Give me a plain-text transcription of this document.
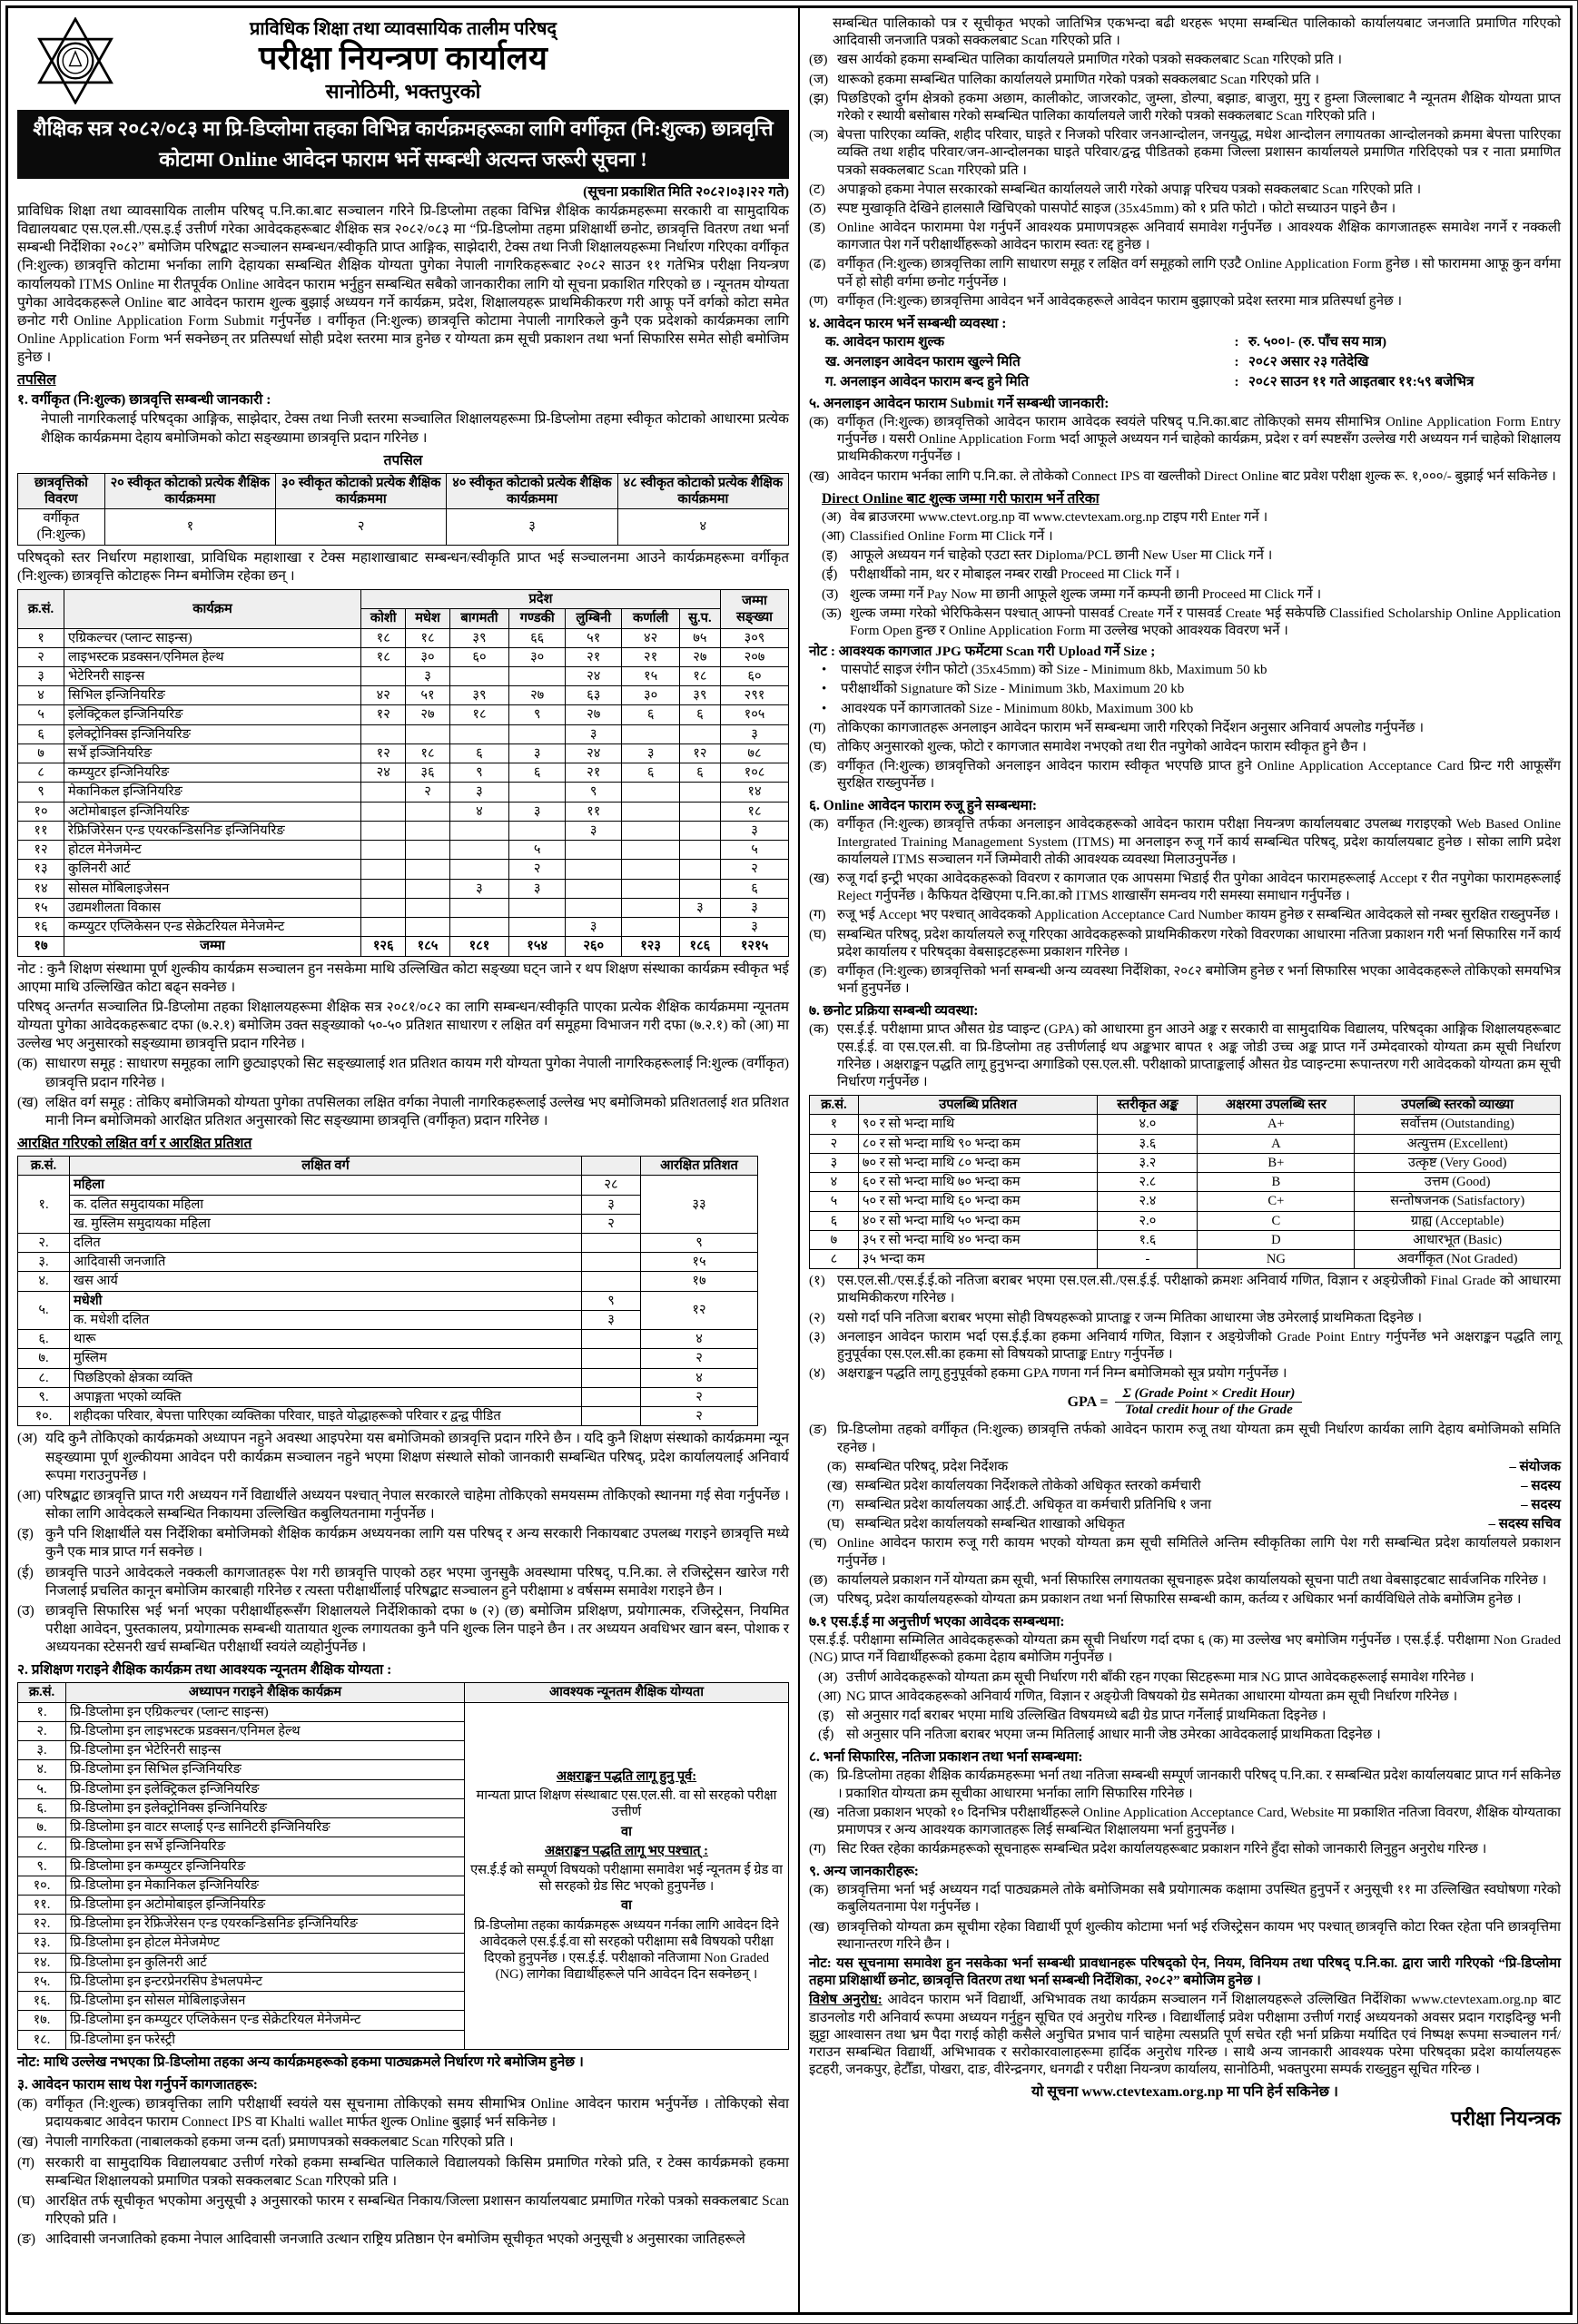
प्राविधिक शिक्षा तथा व्यावसायिक तालीम परिषद्
परीक्षा नियन्त्रण कार्यालय
सानोठिमी, भक्तपुरको
शैक्षिक सत्र २०८२/०८३ मा प्रि-डिप्लोमा तहका विभिन्न कार्यक्रमहरूका लागि वर्गीकृत (नि:शुल्क) छात्रवृत्ति
कोटामा Online आवेदन फाराम भर्ने सम्बन्धी अत्यन्त जरूरी सूचना !
(सूचना प्रकाशित मिति २०८२।०३।२२ गते)

प्राविधिक शिक्षा तथा व्यावसायिक तालीम परिषद् प.नि.का.बाट सञ्चालन गरिने प्रि-डिप्लोमा तहका विभिन्न शैक्षिक कार्यक्रमहरूमा सरकारी वा सामुदायिक विद्यालयबाट एस.एल.सी./एस.इ.ई उत्तीर्ण गरेका आवेदकहरूबाट शैक्षिक सत्र २०८२/०८३ मा “प्रि-डिप्लोमा तहमा प्रशिक्षार्थी छनोट, छात्रवृत्ति वितरण तथा भर्ना सम्बन्धी निर्देशिका २०८२” बमोजिम परिषद्बाट सञ्चालन सम्बन्धन/स्वीकृति प्राप्त आङ्गिक, साझेदारी, टेक्स तथा निजी शिक्षालयहरूमा निर्धारण गरिएका वर्गीकृत (नि:शुल्क) छात्रवृत्ति कोटामा भर्नाका लागि देहायका सम्बन्धित शैक्षिक योग्यता पुगेका नेपाली नागरिकहरूबाट २०८२ साउन ११ गतेभित्र परीक्षा नियन्त्रण कार्यालयको ITMS Online मा रीतपूर्वक Online आवेदन फाराम भर्नुहुन सम्बन्धित सबैको जानकारीका लागि यो सूचना प्रकाशित गरिएको छ । न्यूनतम योग्यता पुगेका आवेदकहरूले Online बाट आवेदन फाराम शुल्क बुझाई अध्ययन गर्ने कार्यक्रम, प्रदेश, शिक्षालयहरू प्राथमिकीकरण गरी आफू पर्ने वर्गको कोटा समेत छनोट गरी Online Application Form Submit गर्नुपर्नेछ । वर्गीकृत (नि:शुल्क) छात्रवृत्ति कोटामा नेपाली नागरिकले कुनै एक प्रदेशको कार्यक्रमका लागि Online Application Form भर्न सक्नेछन् तर प्रतिस्पर्धा सोही प्रदेश स्तरमा मात्र हुनेछ र योग्यता क्रम सूची प्रकाशन तथा भर्ना सिफारिस समेत सोही बमोजिम हुनेछ ।

तपसिल
१. वर्गीकृत (नि:शुल्क) छात्रवृत्ति सम्बन्धी जानकारी :

नेपाली नागरिकलाई परिषद्का आङ्गिक, साझेदार, टेक्स तथा निजी स्तरमा सञ्चालित शिक्षालयहरूमा प्रि-डिप्लोमा तहमा स्वीकृत कोटाको आधारमा प्रत्येक शैक्षिक कार्यक्रममा देहाय बमोजिमको कोटा सङ्ख्यामा छात्रवृत्ति प्रदान गरिनेछ ।

तपसिल
छात्रवृत्तिको विवरण	२० स्वीकृत कोटाको प्रत्येक शैक्षिक कार्यक्रममा	३० स्वीकृत कोटाको प्रत्येक शैक्षिक कार्यक्रममा	४० स्वीकृत कोटाको प्रत्येक शैक्षिक कार्यक्रममा	४८ स्वीकृत कोटाको प्रत्येक शैक्षिक कार्यक्रममा
वर्गीकृत (नि:शुल्क)	१	२	३	४

परिषद्को स्तर निर्धारण महाशाखा, प्राविधिक महाशाखा र टेक्स महाशाखाबाट सम्बन्धन/स्वीकृति प्राप्त भई सञ्चालनमा आउने कार्यक्रमहरूमा वर्गीकृत (नि:शुल्क) छात्रवृत्ति कोटाहरू निम्न बमोजिम रहेका छन् ।

क्र.सं.	कार्यक्रम	प्रदेश							जम्मा सङ्ख्या
		कोशी	मधेश	बागमती	गण्डकी	लुम्बिनी	कर्णाली	सु.प.	
१	एग्रिकल्चर (प्लान्ट साइन्स)	१८	१८	३९	६६	५१	४२	७५	३०९
२	लाइभस्टक प्रडक्सन/एनिमल हेल्थ	१८	३०	६०	३०	२१	२१	२७	२०७
३	भेटेरिनरी साइन्स		३			२४	१५	१८	६०
४	सिभिल इन्जिनियरिङ	४२	५१	३९	२७	६३	३०	३९	२९१
५	इलेक्ट्रिकल इन्जिनियरिङ	१२	२७	१८	९	२७	६	६	१०५
६	इलेक्ट्रोनिक्स इन्जिनियरिङ					३			३
७	सर्भे इञ्जिनियरिङ	१२	१८	६	३	२४	३	१२	७८
८	कम्प्युटर इन्जिनियरिङ	२४	३६	९	६	२१	६	६	१०८
९	मेकानिकल इन्जिनियरिङ		२	३		९			१४
१०	अटोमोबाइल इन्जिनियरिङ			४	३	११			१८
११	रेफ्रिजिरेसन एन्ड एयरकन्डिसनिङ इन्जिनियरिङ					३			३
१२	होटल मेनेजमेन्ट				५				५
१३	कुलिनरी आर्ट				२				२
१४	सोसल मोबिलाइजेसन			३	३				६
१५	उद्यमशीलता विकास							३	३
१६	कम्प्युटर एप्लिकेसन एन्ड सेक्रेटरियल मेनेजमेन्ट					३			३
१७	जम्मा	१२६	१८५	१८१	१५४	२६०	१२३	१८६	१२१५

नोट : कुनै शिक्षण संस्थामा पूर्ण शुल्कीय कार्यक्रम सञ्चालन हुन नसकेमा माथि उल्लिखित कोटा सङ्ख्या घट्न जाने र थप शिक्षण संस्थाका कार्यक्रम स्वीकृत भई आएमा माथि उल्लिखित कोटा बढ्न सक्नेछ ।

परिषद् अन्तर्गत सञ्चालित प्रि-डिप्लोमा तहका शिक्षालयहरूमा शैक्षिक सत्र २०८१/०८२ का लागि सम्बन्धन/स्वीकृति पाएका प्रत्येक शैक्षिक कार्यक्रममा न्यूनतम योग्यता पुगेका आवेदकहरूबाट दफा (७.२.१) बमोजिम उक्त सङ्ख्याको ५०-५० प्रतिशत साधारण र लक्षित वर्ग समूहमा विभाजन गरी दफा (७.२.१) को (आ) मा उल्लेख भए अनुसारको सङ्ख्यामा छात्रवृत्ति प्रदान गरिनेछ ।

(क) साधारण समूह : साधारण समूहका लागि छुट्याइएको सिट सङ्ख्यालाई शत प्रतिशत कायम गरी योग्यता पुगेका नेपाली नागरिकहरूलाई नि:शुल्क (वर्गीकृत) छात्रवृत्ति प्रदान गरिनेछ ।
(ख) लक्षित वर्ग समूह : तोकिए बमोजिमको योग्यता पुगेका तपसिलका लक्षित वर्गका नेपाली नागरिकहरूलाई उल्लेख भए बमोजिमको प्रतिशतलाई शत प्रतिशत मानी निम्न बमोजिमको आरक्षित प्रतिशत अनुसारको सिट सङ्ख्यामा छात्रवृत्ति (वर्गीकृत) प्रदान गरिनेछ ।
आरक्षित गरिएको लक्षित वर्ग र आरक्षित प्रतिशत
क्र.सं.	लक्षित वर्ग		आरक्षित प्रतिशत
१.	महिला	२८	३३
	क. दलित समुदायका महिला	३	
	ख. मुस्लिम समुदायका महिला	२	
२.	दलित		९
३.	आदिवासी जनजाति		१५
४.	खस आर्य		१७
५.	मधेशी	९	१२
	क. मधेशी दलित	३	
६.	थारू		४
७.	मुस्लिम		२
८.	पिछडिएको क्षेत्रका व्यक्ति		४
९.	अपाङ्गता भएको व्यक्ति		२
१०.	शहीदका परिवार, बेपत्ता पारिएका व्यक्तिका परिवार, घाइते योद्धाहरूको परिवार र द्वन्द्व पीडित		२
(अ) यदि कुनै तोकिएको कार्यक्रमको अध्यापन नहुने अवस्था आइपरेमा यस बमोजिमको छात्रवृत्ति प्रदान गरिने छैन । यदि कुनै शिक्षण संस्थाको कार्यक्रममा न्यून सङ्ख्यामा पूर्ण शुल्कीयमा आवेदन परी कार्यक्रम सञ्चालन नहुने भएमा शिक्षण संस्थाले सोको जानकारी सम्बन्धित परिषद्, प्रदेश कार्यालयलाई अनिवार्य रूपमा गराउनुपर्नेछ ।
(आ) परिषद्बाट छात्रवृत्ति प्राप्त गरी अध्ययन गर्ने विद्यार्थीले अध्ययन पश्चात् नेपाल सरकारले चाहेमा तोकिएको समयसम्म तोकिएको स्थानमा गई सेवा गर्नुपर्नेछ । सोका लागि आवेदकले सम्बन्धित निकायमा उल्लिखित कबुलियतनामा गर्नुपर्नेछ ।
(इ) कुनै पनि शिक्षार्थीले यस निर्देशिका बमोजिमको शैक्षिक कार्यक्रम अध्ययनका लागि यस परिषद् र अन्य सरकारी निकायबाट उपलब्ध गराइने छात्रवृत्ति मध्ये कुनै एक मात्र प्राप्त गर्न सक्नेछ ।
(ई) छात्रवृत्ति पाउने आवेदकले नक्कली कागजातहरू पेश गरी छात्रवृत्ति पाएको ठहर भएमा जुनसुकै अवस्थामा परिषद्, प.नि.का. ले रजिस्ट्रेसन खारेज गरी निजलाई प्रचलित कानून बमोजिम कारबाही गरिनेछ र त्यस्ता परीक्षार्थीलाई परिषद्बाट सञ्चालन हुने परीक्षामा ४ वर्षसम्म समावेश गराइने छैन ।
(उ) छात्रवृत्ति सिफारिस भई भर्ना भएका परीक्षार्थीहरूसँग शिक्षालयले निर्देशिकाको दफा ७ (२) (छ) बमोजिम प्रशिक्षण, प्रयोगात्मक, रजिस्ट्रेसन, नियमित परीक्षा आवेदन, पुस्तकालय, प्रयोगात्मक सम्बन्धी यातायात शुल्क लगायतका कुनै पनि शुल्क लिन पाइने छैन । तर अध्ययन अवधिभर खान बस्न, पोशाक र अध्ययनका स्टेसनरी खर्च सम्बन्धित परीक्षार्थी स्वयंले व्यहोर्नुपर्नेछ ।
२. प्रशिक्षण गराइने शैक्षिक कार्यक्रम तथा आवश्यक न्यूनतम शैक्षिक योग्यता :
क्र.सं.	अध्यापन गराइने शैक्षिक कार्यक्रम	आवश्यक न्यूनतम शैक्षिक योग्यता
१.	प्रि-डिप्लोमा इन एग्रिकल्चर (प्लान्ट साइन्स)	
अक्षराङ्कन पद्धति लागू हुनु पूर्व:
मान्यता प्राप्त शिक्षण संस्थाबाट एस.एल.सी. वा सो सरहको परीक्षा उत्तीर्ण
वा
अक्षराङ्कन पद्धति लागू भए पश्चात् :
एस.ई.ई को सम्पूर्ण विषयको परीक्षामा समावेश भई न्यूनतम ई ग्रेड वा सो सरहको ग्रेड सिट भएको हुनुपर्नेछ ।
वा
प्रि-डिप्लोमा तहका कार्यक्रमहरू अध्ययन गर्नका लागि आवेदन दिने आवेदकले एस.ई.ई.वा सो सरहको परीक्षामा सबै विषयको परीक्षा दिएको हुनुपर्नेछ । एस.ई.ई. परीक्षाको नतिजामा Non Graded (NG) लागेका विद्यार्थीहरूले पनि आवेदन दिन सक्नेछन् ।

२.	प्रि-डिप्लोमा इन लाइभस्टक प्रडक्सन/एनिमल हेल्थ	
३.	प्रि-डिप्लोमा इन भेटेरिनरी साइन्स	
४.	प्रि-डिप्लोमा इन सिभिल इन्जिनियरिङ	
५.	प्रि-डिप्लोमा इन इलेक्ट्रिकल इन्जिनियरिङ	
६.	प्रि-डिप्लोमा इन इलेक्ट्रोनिक्स इन्जिनियरिङ	
७.	प्रि-डिप्लोमा इन वाटर सप्लाई एन्ड सानिटरी इन्जिनियरिङ	
८.	प्रि-डिप्लोमा इन सर्भे इन्जिनियरिङ	
९.	प्रि-डिप्लोमा इन कम्प्युटर इन्जिनियरिङ	
१०.	प्रि-डिप्लोमा इन मेकानिकल इन्जिनियरिङ	
११.	प्रि-डिप्लोमा इन अटोमोबाइल इन्जिनियरिङ	
१२.	प्रि-डिप्लोमा इन रेफ्रिजेरेसन एन्ड एयरकन्डिसनिङ इन्जिनियरिङ	
१३.	प्रि-डिप्लोमा इन होटल मेनेजमेण्ट	
१४.	प्रि-डिप्लोमा इन कुलिनरी आर्ट	
१५.	प्रि-डिप्लोमा इन इन्टरप्रेनरसिप डेभलपमेन्ट	
१६.	प्रि-डिप्लोमा इन सोसल मोबिलाइजेसन	
१७.	प्रि-डिप्लोमा इन कम्प्युटर एप्लिकेसन एन्ड सेक्रेटरियल मेनेजमेन्ट	
१८.	प्रि-डिप्लोमा इन फरेस्ट्री	

नोट: माथि उल्लेख नभएका प्रि-डिप्लोमा तहका अन्य कार्यक्रमहरूको हकमा पाठ्यक्रमले निर्धारण गरे बमोजिम हुनेछ ।

३. आवेदन फाराम साथ पेश गर्नुपर्ने कागजातहरू:
(क) वर्गीकृत (नि:शुल्क) छात्रवृत्तिका लागि परीक्षार्थी स्वयंले यस सूचनामा तोकिएको समय सीमाभित्र Online आवेदन फाराम भर्नुपर्नेछ । तोकिएको सेवा प्रदायकबाट आवेदन फाराम Connect IPS वा Khalti wallet मार्फत शुल्क Online बुझाई भर्न सकिनेछ ।
(ख) नेपाली नागरिकता (नाबालकको हकमा जन्म दर्ता) प्रमाणपत्रको सक्कलबाट Scan गरिएको प्रति ।
(ग) सरकारी वा सामुदायिक विद्यालयबाट उत्तीर्ण गरेको हकमा सम्बन्धित पालिकाले विद्यालयको किसिम प्रमाणित गरेको प्रति, र टेक्स कार्यक्रमको हकमा सम्बन्धित शिक्षालयको प्रमाणित पत्रको सक्कलबाट Scan गरिएको प्रति ।
(घ) आरक्षित तर्फ सूचीकृत भएकोमा अनुसूची ३ अनुसारको फारम र सम्बन्धित निकाय/जिल्ला प्रशासन कार्यालयबाट प्रमाणित गरेको पत्रको सक्कलबाट Scan गरिएको प्रति ।
(ङ) आदिवासी जनजातिको हकमा नेपाल आदिवासी जनजाति उत्थान राष्ट्रिय प्रतिष्ठान ऐन बमोजिम सूचीकृत भएको अनुसूची ४ अनुसारका जातिहरूले

सम्बन्धित पालिकाको पत्र र सूचीकृत भएको जातिभित्र एकभन्दा बढी थरहरू भएमा सम्बन्धित पालिकाको कार्यालयबाट जनजाति प्रमाणित गरिएको आदिवासी जनजाति पत्रको सक्कलबाट Scan गरिएको प्रति ।

(छ) खस आर्यको हकमा सम्बन्धित पालिका कार्यालयले प्रमाणित गरेको पत्रको सक्कलबाट Scan गरिएको प्रति ।
(ज) थारूको हकमा सम्बन्धित पालिका कार्यालयले प्रमाणित गरेको पत्रको सक्कलबाट Scan गरिएको प्रति ।
(झ) पिछडिएको दुर्गम क्षेत्रको हकमा अछाम, कालीकोट, जाजरकोट, जुम्ला, डोल्पा, बझाङ, बाजुरा, मुगु र हुम्ला जिल्लाबाट नै न्यूनतम शैक्षिक योग्यता प्राप्त गरेको र स्थायी बसोबास गरेको सम्बन्धित पालिका कार्यालयले जारी गरेको पत्रको सक्कलबाट Scan गरिएको प्रति ।
(ञ) बेपत्ता पारिएका व्यक्ति, शहीद परिवार, घाइते र निजको परिवार जनआन्दोलन, जनयुद्ध, मधेश आन्दोलन लगायतका आन्दोलनको क्रममा बेपत्ता पारिएका व्यक्ति तथा शहीद परिवार/जन-आन्दोलनका घाइते परिवार/द्वन्द्व पीडितको हकमा जिल्ला प्रशासन कार्यालयले प्रमाणित गरिदिएको पत्र र नाता प्रमाणित पत्रको सक्कलबाट Scan गरिएको प्रति ।
(ट) अपाङ्गको हकमा नेपाल सरकारको सम्बन्धित कार्यालयले जारी गरेको अपाङ्ग परिचय पत्रको सक्कलबाट Scan गरिएको प्रति ।
(ठ) स्पष्ट मुखाकृति देखिने हालसालै खिचिएको पासपोर्ट साइज (35x45mm) को १ प्रति फोटो । फोटो सच्याउन पाइने छैन ।
(ड) Online आवेदन फाराममा पेश गर्नुपर्ने आवश्यक प्रमाणपत्रहरू अनिवार्य समावेश गर्नुपर्नेछ । आवश्यक शैक्षिक कागजातहरू समावेश नगर्ने र नक्कली कागजात पेश गर्ने परीक्षार्थीहरूको आवेदन फाराम स्वतः रद्द हुनेछ ।
(ढ) वर्गीकृत (नि:शुल्क) छात्रवृत्तिका लागि साधारण समूह र लक्षित वर्ग समूहको लागि एउटै Online Application Form हुनेछ । सो फाराममा आफू कुन वर्गमा पर्ने हो सोही वर्गमा छनोट गर्नुपर्नेछ ।
(ण) वर्गीकृत (नि:शुल्क) छात्रवृत्तिमा आवेदन भर्ने आवेदकहरूले आवेदन फाराम बुझाएको प्रदेश स्तरमा मात्र प्रतिस्पर्धा हुनेछ ।
४. आवेदन फारम भर्ने सम्बन्धी व्यवस्था :
क. आवेदन फाराम शुल्क	: रु. ५००।- (रु. पाँच सय मात्र)
ख. अनलाइन आवेदन फाराम खुल्ने मिति	: २०८२ असार २३ गतेदेखि
ग. अनलाइन आवेदन फाराम बन्द हुने मिति	: २०८२ साउन ११ गते आइतबार ११:५९ बजेभित्र
५. अनलाइन आवेदन फाराम Submit गर्ने सम्बन्धी जानकारी:
(क) वर्गीकृत (नि:शुल्क) छात्रवृत्तिको आवेदन फाराम आवेदक स्वयंले परिषद् प.नि.का.बाट तोकिएको समय सीमाभित्र Online Application Form Entry गर्नुपर्नेछ । यसरी Online Application Form भर्दा आफूले अध्ययन गर्न चाहेको कार्यक्रम, प्रदेश र वर्ग स्पष्टसँग उल्लेख गरी अध्ययन गर्न चाहेको शिक्षालय प्राथमिकीकरण गर्नुपर्नेछ ।
(ख) आवेदन फाराम भर्नका लागि प.नि.का. ले तोकेको Connect IPS वा खल्तीको Direct Online बाट प्रवेश परीक्षा शुल्क रू. १,०००/- बुझाई भर्न सकिनेछ ।
Direct Online बाट शुल्क जम्मा गरी फाराम भर्ने तरिका
(अ) वेब ब्राउजरमा www.ctevt.org.np वा www.ctevtexam.org.np टाइप गरी Enter गर्ने ।
(आ) Classified Online Form मा Click गर्ने ।
(इ) आफूले अध्ययन गर्न चाहेको एउटा स्तर Diploma/PCL छानी New User मा Click गर्ने ।
(ई) परीक्षार्थीको नाम, थर र मोबाइल नम्बर राखी Proceed मा Click गर्ने ।
(उ) शुल्क जम्मा गर्ने Pay Now मा छानी आफूले शुल्क जम्मा गर्ने कम्पनी छानी Proceed मा Click गर्ने ।
(ऊ) शुल्क जम्मा गरेको भेरिफिकेसन पश्चात् आफ्नो पासवर्ड Create गर्ने र पासवर्ड Create भई सकेपछि Classified Scholarship Online Application Form Open हुन्छ र Online Application Form मा उल्लेख भएको आवश्यक विवरण भर्ने ।
नोट : आवश्यक कागजात JPG फर्मेटमा Scan गरी Upload गर्ने Size ;
•	पासपोर्ट साइज रंगीन फोटो (35x45mm) को Size - Minimum 8kb, Maximum 50 kb
•	परीक्षार्थीको Signature को Size - Minimum 3kb, Maximum 20 kb
•	आवश्यक पर्ने कागजातको Size - Minimum 80kb, Maximum 300 kb
(ग) तोकिएका कागजातहरू अनलाइन आवेदन फाराम भर्ने सम्बन्धमा जारी गरिएको निर्देशन अनुसार अनिवार्य अपलोड गर्नुपर्नेछ ।
(घ) तोकिए अनुसारको शुल्क, फोटो र कागजात समावेश नभएको तथा रीत नपुगेको आवेदन फाराम स्वीकृत हुने छैन ।
(ङ) वर्गीकृत (नि:शुल्क) छात्रवृत्तिको अनलाइन आवेदन फाराम स्वीकृत भएपछि प्राप्त हुने Online Application Acceptance Card प्रिन्ट गरी आफूसँग सुरक्षित राख्नुपर्नेछ ।
६. Online आवेदन फाराम रुजू हुने सम्बन्धमा:
(क) वर्गीकृत (नि:शुल्क) छात्रवृत्ति तर्फका अनलाइन आवेदकहरूको आवेदन फाराम परीक्षा नियन्त्रण कार्यालयबाट उपलब्ध गराइएको Web Based Online Intergrated Training Management System (ITMS) मा अनलाइन रुजू गर्ने कार्य सम्बन्धित परिषद्, प्रदेश कार्यालयबाट हुनेछ । सोका लागि प्रदेश कार्यालयले ITMS सञ्चालन गर्ने जिम्मेवारी तोकी आवश्यक व्यवस्था मिलाउनुपर्नेछ ।
(ख) रुजू गर्दा इन्ट्री भएका आवेदकहरूको विवरण र कागजात एक आपसमा भिडाई रीत पुगेका आवेदन फारामहरूलाई Accept र रीत नपुगेका फारामहरूलाई Reject गर्नुपर्नेछ । कैफियत देखिएमा प.नि.का.को ITMS शाखासँग समन्वय गरी समस्या समाधान गर्नुपर्नेछ ।
(ग) रुजू भई Accept भए पश्चात् आवेदकको Application Acceptance Card Number कायम हुनेछ र सम्बन्धित आवेदकले सो नम्बर सुरक्षित राख्नुपर्नेछ ।
(घ) सम्बन्धित परिषद्, प्रदेश कार्यालयले रुजू गरिएका आवेदकहरूको प्राथमिकीकरण गरेको विवरणका आधारमा नतिजा प्रकाशन गरी भर्ना सिफारिस गर्ने कार्य प्रदेश कार्यालय र परिषद्का वेबसाइटहरूमा प्रकाशन गरिनेछ ।
(ङ) वर्गीकृत (नि:शुल्क) छात्रवृत्तिको भर्ना सम्बन्धी अन्य व्यवस्था निर्देशिका, २०८२ बमोजिम हुनेछ र भर्ना सिफारिस भएका आवेदकहरूले तोकिएको समयभित्र भर्ना हुनुपर्नेछ ।
७. छनोट प्रक्रिया सम्बन्धी व्यवस्था:
(क) एस.ई.ई. परीक्षामा प्राप्त औसत ग्रेड प्वाइन्ट (GPA) को आधारमा हुन आउने अङ्क र सरकारी वा सामुदायिक विद्यालय, परिषद्का आङ्गिक शिक्षालयहरूबाट एस.ई.ई. वा एस.एल.सी. वा प्रि-डिप्लोमा तह उत्तीर्णलाई थप अङ्कभार बापत १ अङ्क जोडी उच्च अङ्क प्राप्त गर्ने उम्मेदवारको योग्यता क्रम सूची निर्धारण गरिनेछ । अक्षराङ्कन पद्धति लागू हुनुभन्दा अगाडिको एस.एल.सी. परीक्षाको प्राप्ताङ्कलाई औसत ग्रेड प्वाइन्टमा रूपान्तरण गरी आवेदकको योग्यता क्रम सूची निर्धारण गर्नुपर्नेछ ।
क्र.सं.	उपलब्धि प्रतिशत	स्तरीकृत अङ्क	अक्षरमा उपलब्धि स्तर	उपलब्धि स्तरको व्याख्या
१	९० र सो भन्दा माथि	४.०	A+	सर्वोत्तम (Outstanding)
२	८० र सो भन्दा माथि ९० भन्दा कम	३.६	A	अत्युत्तम (Excellent)
३	७० र सो भन्दा माथि ८० भन्दा कम	३.२	B+	उत्कृष्ट (Very Good)
४	६० र सो भन्दा माथि ७० भन्दा कम	२.८	B	उत्तम (Good)
५	५० र सो भन्दा माथि ६० भन्दा कम	२.४	C+	सन्तोषजनक (Satisfactory)
६	४० र सो भन्दा माथि ५० भन्दा कम	२.०	C	ग्राह्य (Acceptable)
७	३५ र सो भन्दा माथि ४० भन्दा कम	१.६	D	आधारभूत (Basic)
८	३५ भन्दा कम	-	NG	अवर्गीकृत (Not Graded)
(१) एस.एल.सी./एस.ई.ई.को नतिजा बराबर भएमा एस.एल.सी./एस.ई.ई. परीक्षाको क्रमशः अनिवार्य गणित, विज्ञान र अङ्ग्रेजीको Final Grade को आधारमा प्राथमिकीकरण गरिनेछ ।
(२) यसो गर्दा पनि नतिजा बराबर भएमा सोही विषयहरूको प्राप्ताङ्क र जन्म मितिका आधारमा जेष्ठ उमेरलाई प्राथमिकता दिइनेछ ।
(३) अनलाइन आवेदन फाराम भर्दा एस.ई.ई.का हकमा अनिवार्य गणित, विज्ञान र अङ्ग्रेजीको Grade Point Entry गर्नुपर्नेछ भने अक्षराङ्कन पद्धति लागू हुनुपूर्वका एस.एल.सी.का हकमा सो विषयको प्राप्ताङ्क Entry गर्नुपर्नेछ ।
(४) अक्षराङ्कन पद्धति लागू हुनुपूर्वको हकमा GPA गणना गर्न निम्न बमोजिमको सूत्र प्रयोग गर्नुपर्नेछ ।
GPA = $\frac{\text{Σ (Grade Point × Credit Hour)}}{\text{Total credit hour of the Grade}}$
(ङ) प्रि-डिप्लोमा तहको वर्गीकृत (नि:शुल्क) छात्रवृत्ति तर्फको आवेदन फाराम रुजू तथा योग्यता क्रम सूची निर्धारण कार्यका लागि देहाय बमोजिमको समिति रहनेछ ।
(क) सम्बन्धित परिषद्, प्रदेश निर्देशक	– संयोजक
(ख) सम्बन्धित प्रदेश कार्यालयका निर्देशकले तोकेको अधिकृत स्तरको कर्मचारी	– सदस्य
(ग) सम्बन्धित प्रदेश कार्यालयका आई.टी. अधिकृत वा कर्मचारी प्रतिनिधि १ जना	– सदस्य
(घ) सम्बन्धित प्रदेश कार्यालयको सम्बन्धित शाखाको अधिकृत	– सदस्य सचिव
(च) Online आवेदन फाराम रुजू गरी कायम भएको योग्यता क्रम सूची समितिले अन्तिम स्वीकृतिका लागि पेश गरी सम्बन्धित प्रदेश कार्यालयले प्रकाशन गर्नुपर्नेछ ।
(छ) कार्यालयले प्रकाशन गर्ने योग्यता क्रम सूची, भर्ना सिफारिस लगायतका सूचनाहरू प्रदेश कार्यालयको सूचना पाटी तथा वेबसाइटबाट सार्वजनिक गरिनेछ ।
(ज) परिषद्, प्रदेश कार्यालयहरूको योग्यता क्रम प्रकाशन तथा भर्ना सिफारिस सम्बन्धी काम, कर्तव्य र अधिकार भर्ना कार्यविधिले तोके बमोजिम हुनेछ ।
७.१ एस.ई.ई मा अनुत्तीर्ण भएका आवेदक सम्बन्धमा:

एस.ई.ई. परीक्षामा सम्मिलित आवेदकहरूको योग्यता क्रम सूची निर्धारण गर्दा दफा ६ (क) मा उल्लेख भए बमोजिम गर्नुपर्नेछ । एस.ई.ई. परीक्षामा Non Graded (NG) प्राप्त गर्ने विद्यार्थीहरूको हकमा देहाय बमोजिम गर्नुपर्नेछ ।

(अ) उत्तीर्ण आवेदकहरूको योग्यता क्रम सूची निर्धारण गरी बाँकी रहन गएका सिटहरूमा मात्र NG प्राप्त आवेदकहरूलाई समावेश गरिनेछ ।
(आ) NG प्राप्त आवेदकहरूको अनिवार्य गणित, विज्ञान र अङ्ग्रेजी विषयको ग्रेड समेतका आधारमा योग्यता क्रम सूची निर्धारण गरिनेछ ।
(इ) सो अनुसार गर्दा बराबर भएमा माथि उल्लिखित विषयमध्ये बढी ग्रेड प्राप्त गर्नेलाई प्राथमिकता दिइनेछ ।
(ई) सो अनुसार पनि नतिजा बराबर भएमा जन्म मितिलाई आधार मानी जेष्ठ उमेरका आवेदकलाई प्राथमिकता दिइनेछ ।
८. भर्ना सिफारिस, नतिजा प्रकाशन तथा भर्ना सम्बन्धमा:
(क) प्रि-डिप्लोमा तहका शैक्षिक कार्यक्रमहरूमा भर्ना तथा नतिजा सम्बन्धी सम्पूर्ण जानकारी परिषद् प.नि.का. र सम्बन्धित प्रदेश कार्यालयबाट प्राप्त गर्न सकिनेछ । प्रकाशित योग्यता क्रम सूचीका आधारमा भर्नाका लागि सिफारिस गरिनेछ ।
(ख) नतिजा प्रकाशन भएको १० दिनभित्र परीक्षार्थीहरूले Online Application Acceptance Card, Website मा प्रकाशित नतिजा विवरण, शैक्षिक योग्यताका प्रमाणपत्र र अन्य आवश्यक कागजातहरू लिई सम्बन्धित शिक्षालयमा भर्ना हुनुपर्नेछ ।
(ग) सिट रिक्त रहेका कार्यक्रमहरूको सूचनाहरू सम्बन्धित प्रदेश कार्यालयहरूबाट प्रकाशन गरिने हुँदा सोको जानकारी लिनुहुन अनुरोध गरिन्छ ।
९. अन्य जानकारीहरू:
(क) छात्रवृत्तिमा भर्ना भई अध्ययन गर्दा पाठ्यक्रमले तोके बमोजिमका सबै प्रयोगात्मक कक्षामा उपस्थित हुनुपर्ने र अनुसूची ११ मा उल्लिखित स्वघोषणा गरेको कबुलियतनामा पेश गर्नुपर्नेछ ।
(ख) छात्रवृत्तिको योग्यता क्रम सूचीमा रहेका विद्यार्थी पूर्ण शुल्कीय कोटामा भर्ना भई रजिस्ट्रेसन कायम भए पश्चात् छात्रवृत्ति कोटा रिक्त रहेता पनि छात्रवृत्तिमा स्थानान्तरण गरिने छैन ।

नोट: यस सूचनामा समावेश हुन नसकेका भर्ना सम्बन्धी प्रावधानहरू परिषद्को ऐन, नियम, विनियम तथा परिषद् प.नि.का. द्वारा जारी गरिएको “प्रि-डिप्लोमा तहमा प्रशिक्षार्थी छनोट, छात्रवृत्ति वितरण तथा भर्ना सम्बन्धी निर्देशिका, २०८२” बमोजिम हुनेछ ।

विशेष अनुरोध: आवेदन फाराम भर्ने विद्यार्थी, अभिभावक तथा कार्यक्रम सञ्चालन गर्ने शिक्षालयहरूले उल्लिखित निर्देशिका www.ctevtexam.org.np बाट डाउनलोड गरी अनिवार्य रूपमा अध्ययन गर्नुहुन सूचित एवं अनुरोध गरिन्छ । विद्यार्थीलाई प्रवेश परीक्षामा उत्तीर्ण गराई अध्ययनको अवसर प्रदान गराइदिन्छु भनी झुट्टा आश्वासन तथा भ्रम पैदा गराई कोही कसैले अनुचित प्रभाव पार्न चाहेमा त्यसप्रति पूर्ण सचेत रही भर्ना प्रक्रिया मर्यादित एवं निष्पक्ष रूपमा सञ्चालन गर्न/गराउन सम्बन्धित विद्यार्थी, अभिभावक र सरोकारवालाहरूमा हार्दिक अनुरोध गरिन्छ । साथै अन्य जानकारी आवश्यक परेमा परिषद्का प्रदेश कार्यालयहरू इटहरी, जनकपुर, हेटौँडा, पोखरा, दाङ, वीरेन्द्रनगर, धनगढी र परीक्षा नियन्त्रण कार्यालय, सानोठिमी, भक्तपुरमा सम्पर्क राख्नुहुन सूचित गरिन्छ ।

यो सूचना www.ctevtexam.org.np मा पनि हेर्न सकिनेछ ।
परीक्षा नियन्त्रक
